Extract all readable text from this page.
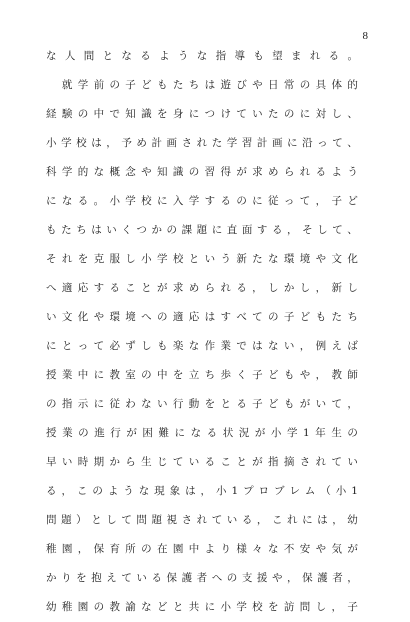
8
な 人 間 と な る よ う な 指 導 も 望 ま れ る 。

就 学 前 の 子 ど も た ち は 遊 び や 日 常 の 具 体 的
経 験 の 中 で 知 識 を 身 に つ け て い た の に 対 し 、
小 学 校 は ， 予 め 計 画 さ れ た 学 習 計 画 に 沿 っ て 、
科 学 的 な 概 念 や 知 識 の 習 得 が 求 め ら れ る よ う
に な る 。 小 学 校 に 入 学 す る の に 従 っ て ， 子 ど
も た ち は い く つ か の 課 題 に 直 面 す る ， そ し て 、
そ れ を 克 服 し 小 学 校 と い う 新 た な 環 境 や 文 化
へ 適 応 す る こ と が 求 め ら れ る ， し か し ， 新 し
い 文 化 や 環 境 へ の 適 応 は す べ て の 子 ど も た ち
に と っ て 必 ず し も 楽 な 作 業 で は な い ， 例 え ば
授 業 中 に 教 室 の 中 を 立 ち 歩 く 子 ど も や ， 教 師
の 指 示 に 従 わ な い 行 動 を と る 子 ど も が い て ，
授 業 の 進 行 が 困 難 に な る 状 況 が 小 学 1 年 生 の
早 い 時 期 か ら 生 じ て い る こ と が 指 摘 さ れ て い
る ， こ の よ う な 現 象 は ， 小 1 プ ロ ブ レ ム （ 小 1
問 題 ） と し て 問 題 視 さ れ て い る ， こ れ に は ， 幼
稚 園 ， 保 育 所 の 在 園 中 よ り 様 々 な 不 安 や 気 が
か り を 抱 え て い る 保 護 者 へ の 支 援 や ， 保 護 者 ，
幼 稚 園 の 教 諭 な ど と 共 に 小 学 校 を 訪 問 し ， 子
